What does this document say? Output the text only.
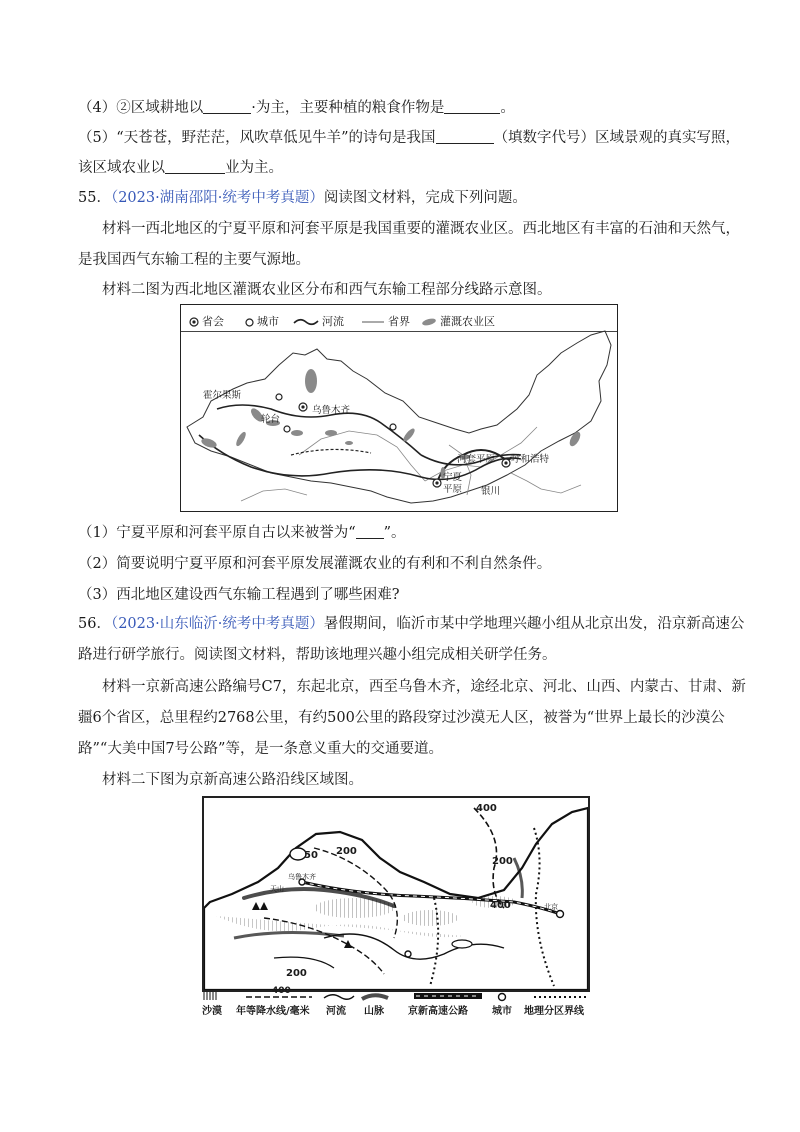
（4）②区域耕地以	·为主，主要种植的粮食作物是	。
（5）“天苍苍，野茫茫，风吹草低见牛羊”的诗句是我国	（填数字代号）区域景观的真实写照，
该区域农业以	业为主。
55．（2023·湖南邵阳·统考中考真题）阅读图文材料，完成下列问题。
材料一西北地区的宁夏平原和河套平原是我国重要的灌溉农业区。西北地区有丰富的石油和天然气，
是我国西气东输工程的主要气源地。
材料二图为西北地区灌溉农业区分布和西气东输工程部分线路示意图。
省会	城市	河流	省界	灌溉农业区
霍尔果斯
乌鲁木齐
轮台
河套平原 呼和浩特
宁夏
平原 银川
（1）宁夏平原和河套平原自古以来被誉为“ ”。
（2）简要说明宁夏平原和河套平原发展灌溉农业的有利和不利自然条件。
（3）西北地区建设西气东输工程遇到了哪些困难?
56．（2023·山东临沂·统考中考真题）暑假期间，临沂市某中学地理兴趣小组从北京出发，沿京新高速公
路进行研学旅行。阅读图文材料，帮助该地理兴趣小组完成相关研学任务。
材料一京新高速公路编号C7，东起北京，西至乌鲁木齐，途经北京、河北、山西、内蒙古、甘肃、新
疆6个省区，总里程约2768公里，有约500公里的路段穿过沙漠无人区，被誉为“世界上最长的沙漠公
路”“大美中国7号公路”等，是一条意义重大的交通要道。
材料二下图为京新高速公路沿线区域图。
400
200
200
50
200
400
乌鲁木齐
天山
北京
400
沙漠 年等降水线/毫米 河流 山脉 京新高速公路 城市 地理分区界线
